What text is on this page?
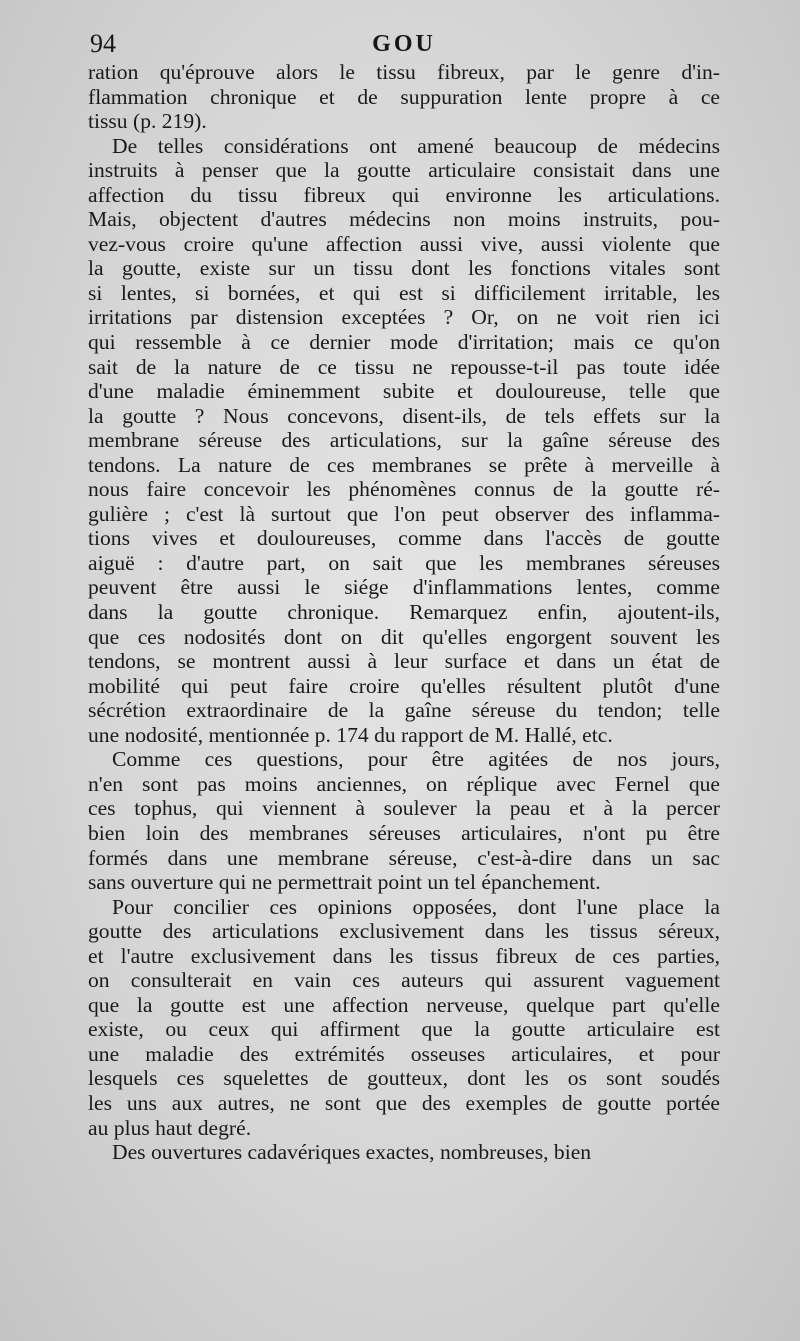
94	GOU

ration qu'éprouve alors le tissu fibreux, par le genre d'in-
flammation chronique et de suppuration lente propre à ce
tissu (p. 219).

De telles considérations ont amené beaucoup de médecins
instruits à penser que la goutte articulaire consistait dans une
affection du tissu fibreux qui environne les articulations.
Mais, objectent d'autres médecins non moins instruits, pou-
vez-vous croire qu'une affection aussi vive, aussi violente que
la goutte, existe sur un tissu dont les fonctions vitales sont
si lentes, si bornées, et qui est si difficilement irritable, les
irritations par distension exceptées ? Or, on ne voit rien ici
qui ressemble à ce dernier mode d'irritation; mais ce qu'on
sait de la nature de ce tissu ne repousse-t-il pas toute idée
d'une maladie éminemment subite et douloureuse, telle que
la goutte ? Nous concevons, disent-ils, de tels effets sur la
membrane séreuse des articulations, sur la gaîne séreuse des
tendons. La nature de ces membranes se prête à merveille à
nous faire concevoir les phénomènes connus de la goutte ré-
gulière ; c'est là surtout que l'on peut observer des inflamma-
tions vives et douloureuses, comme dans l'accès de goutte
aiguë : d'autre part, on sait que les membranes séreuses
peuvent être aussi le siége d'inflammations lentes, comme
dans la goutte chronique. Remarquez enfin, ajoutent-ils,
que ces nodosités dont on dit qu'elles engorgent souvent les
tendons, se montrent aussi à leur surface et dans un état de
mobilité qui peut faire croire qu'elles résultent plutôt d'une
sécrétion extraordinaire de la gaîne séreuse du tendon; telle
une nodosité, mentionnée p. 174 du rapport de M. Hallé, etc.

Comme ces questions, pour être agitées de nos jours,
n'en sont pas moins anciennes, on réplique avec Fernel que
ces tophus, qui viennent à soulever la peau et à la percer
bien loin des membranes séreuses articulaires, n'ont pu être
formés dans une membrane séreuse, c'est-à-dire dans un sac
sans ouverture qui ne permettrait point un tel épanchement.

Pour concilier ces opinions opposées, dont l'une place la
goutte des articulations exclusivement dans les tissus séreux,
et l'autre exclusivement dans les tissus fibreux de ces parties,
on consulterait en vain ces auteurs qui assurent vaguement
que la goutte est une affection nerveuse, quelque part qu'elle
existe, ou ceux qui affirment que la goutte articulaire est
une maladie des extrémités osseuses articulaires, et pour
lesquels ces squelettes de goutteux, dont les os sont soudés
les uns aux autres, ne sont que des exemples de goutte portée
au plus haut degré.

Des ouvertures cadavériques exactes, nombreuses, bien
